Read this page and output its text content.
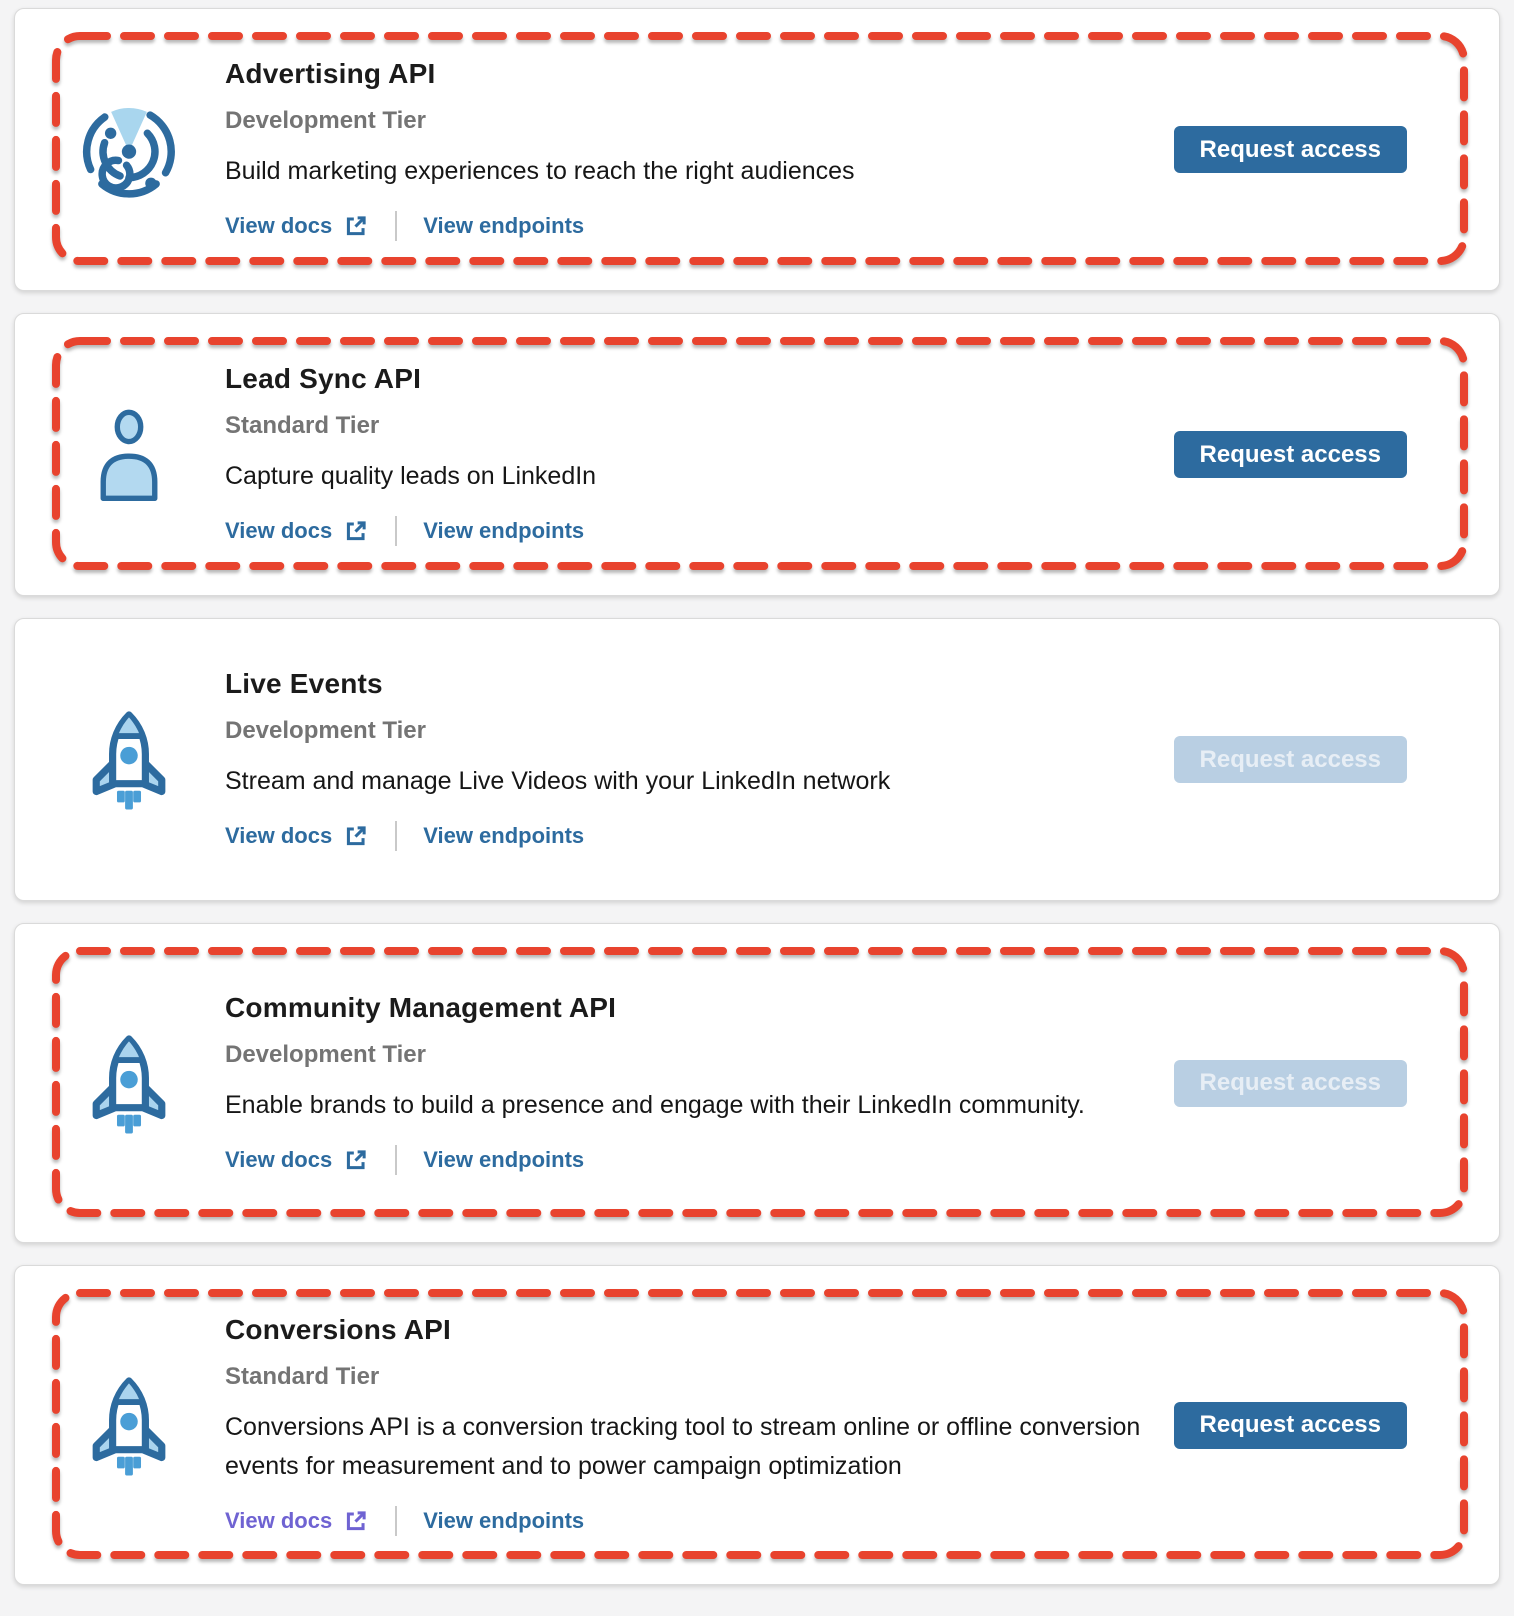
Advertising API
Development Tier

Build marketing experiences to reach the right audiences

View docs	View endpoints
Request access
Lead Sync API
Standard Tier

Capture quality leads on LinkedIn

View docs	View endpoints
Request access
Live Events
Development Tier

Stream and manage Live Videos with your LinkedIn network

View docs	View endpoints
Request access
Community Management API
Development Tier

Enable brands to build a presence and engage with their LinkedIn community.

View docs	View endpoints
Request access
Conversions API
Standard Tier

Conversions API is a conversion tracking tool to stream online or offline conversion events for measurement and to power campaign optimization

View docs	View endpoints
Request access
